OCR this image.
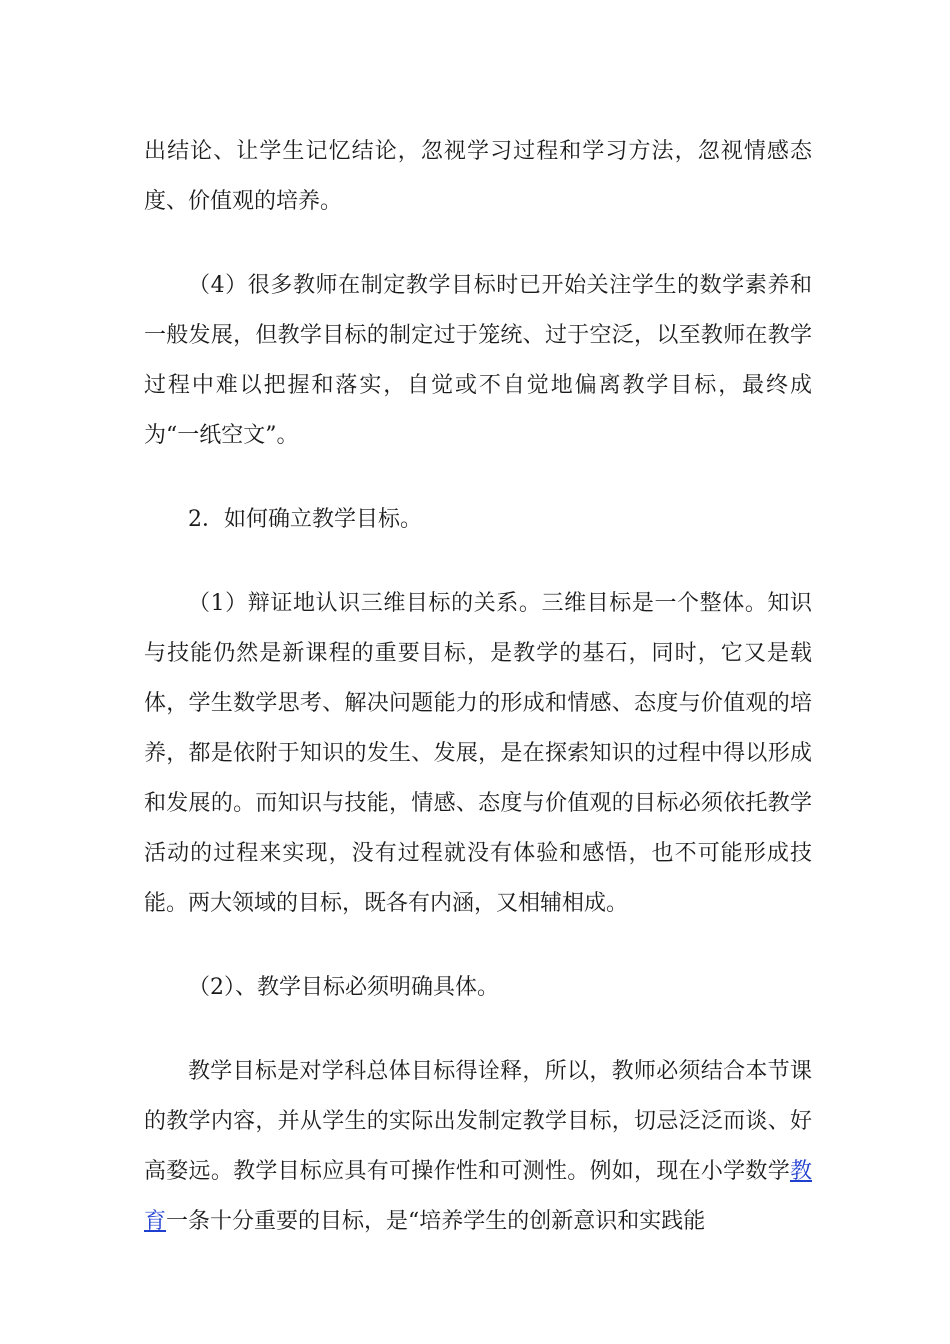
出结论、让学生记忆结论，忽视学习过程和学习方法，忽视情感态度、价值观的培养。

（4）很多教师在制定教学目标时已开始关注学生的数学素养和一般发展，但教学目标的制定过于笼统、过于空泛，以至教师在教学过程中难以把握和落实，自觉或不自觉地偏离教学目标，最终成为“一纸空文”。

2．如何确立教学目标。

（1）辩证地认识三维目标的关系。三维目标是一个整体。知识与技能仍然是新课程的重要目标，是教学的基石，同时，它又是载体，学生数学思考、解决问题能力的形成和情感、态度与价值观的培养，都是依附于知识的发生、发展，是在探索知识的过程中得以形成和发展的。而知识与技能，情感、态度与价值观的目标必须依托教学活动的过程来实现，没有过程就没有体验和感悟，也不可能形成技能。两大领域的目标，既各有内涵，又相辅相成。

（2）、教学目标必须明确具体。

教学目标是对学科总体目标得诠释，所以，教师必须结合本节课的教学内容，并从学生的实际出发制定教学目标，切忌泛泛而谈、好高婺远。教学目标应具有可操作性和可测性。例如，现在小学数学教育一条十分重要的目标，是“培养学生的创新意识和实践能
